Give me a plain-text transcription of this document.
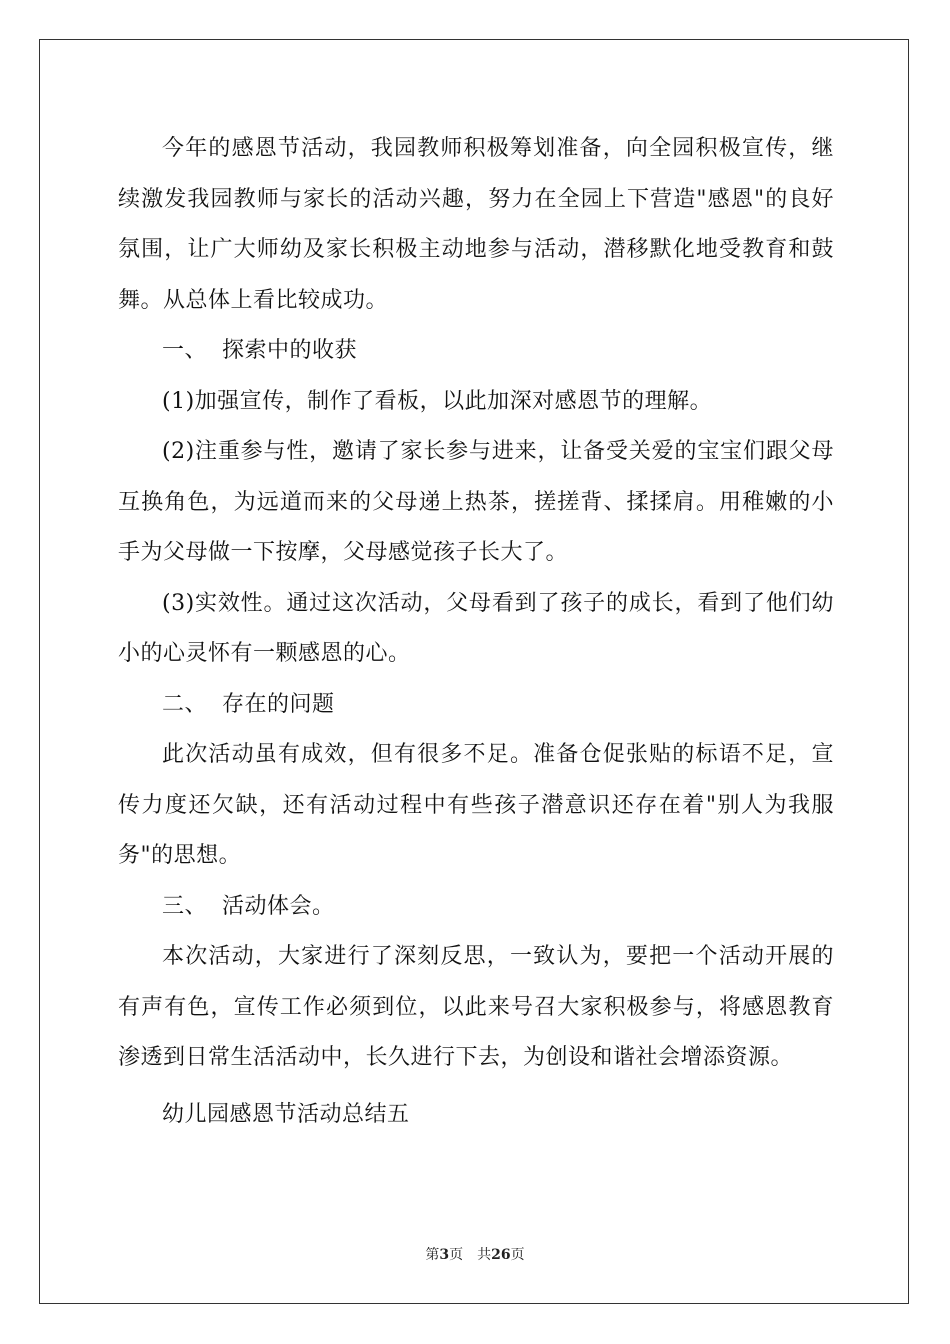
今年的感恩节活动，我园教师积极筹划准备，向全园积极宣传，继续激发我园教师与家长的活动兴趣，努力在全园上下营造"感恩"的良好氛围，让广大师幼及家长积极主动地参与活动，潜移默化地受教育和鼓舞。从总体上看比较成功。

一、  探索中的收获

(1)加强宣传，制作了看板，以此加深对感恩节的理解。

(2)注重参与性，邀请了家长参与进来，让备受关爱的宝宝们跟父母互换角色，为远道而来的父母递上热茶，搓搓背、揉揉肩。用稚嫩的小手为父母做一下按摩，父母感觉孩子长大了。

(3)实效性。通过这次活动，父母看到了孩子的成长，看到了他们幼小的心灵怀有一颗感恩的心。

二、  存在的问题

此次活动虽有成效，但有很多不足。准备仓促张贴的标语不足，宣传力度还欠缺，还有活动过程中有些孩子潜意识还存在着"别人为我服务"的思想。

三、  活动体会。

本次活动，大家进行了深刻反思，一致认为，要把一个活动开展的有声有色，宣传工作必须到位，以此来号召大家积极参与，将感恩教育渗透到日常生活活动中，长久进行下去，为创设和谐社会增添资源。

幼儿园感恩节活动总结五

第3页 共26页
